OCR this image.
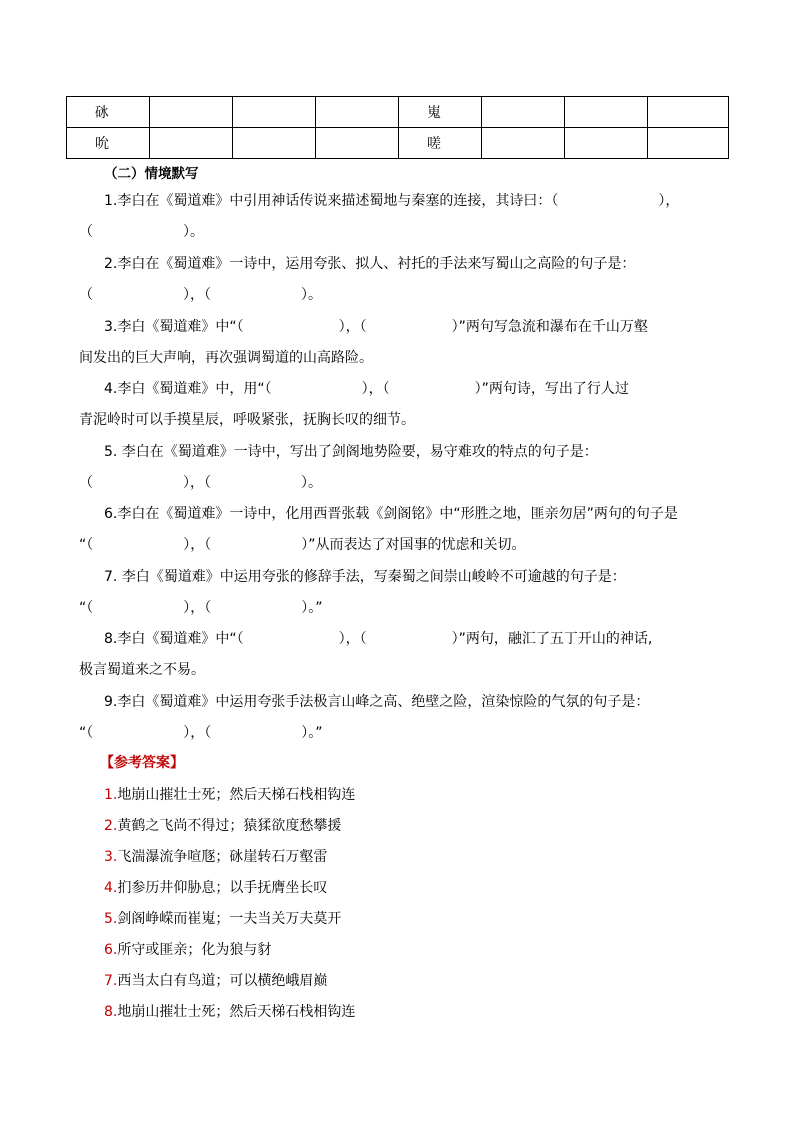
砯				嵬			
吮				嗟			
（二）情境默写
1.李白在《蜀道难》中引用神话传说来描述蜀地与秦塞的连接，其诗曰：（	），
（	）。
2.李白在《蜀道难》一诗中，运用夸张、拟人、衬托的手法来写蜀山之高险的句子是：
（	），（	）。
3.李白《蜀道难》中“（	），（	）”两句写急流和瀑布在千山万壑
间发出的巨大声响，再次强调蜀道的山高路险。
4.李白《蜀道难》中，用“（	），（	）”两句诗，写出了行人过
青泥岭时可以手摸星辰，呼吸紧张，抚胸长叹的细节。
5. 李白在《蜀道难》一诗中，写出了剑阁地势险要，易守难攻的特点的句子是：
（	），（	）。
6.李白在《蜀道难》一诗中，化用西晋张载《剑阁铭》中“形胜之地，匪亲勿居”两句的句子是
“（	），（	）”从而表达了对国事的忧虑和关切。
7. 李白《蜀道难》中运用夸张的修辞手法，写秦蜀之间崇山峻岭不可逾越的句子是：
“（	），（	）。”
8.李白《蜀道难》中“（	），（	）”两句，融汇了五丁开山的神话,
极言蜀道来之不易。
9.李白《蜀道难》中运用夸张手法极言山峰之高、绝壁之险，渲染惊险的气氛的句子是：
“（	），（	）。”
【参考答案】
1.地崩山摧壮士死；然后天梯石栈相钩连
2.黄鹤之飞尚不得过；猿猱欲度愁攀援
3.飞湍瀑流争喧豗；砯崖转石万壑雷
4.扪参历井仰胁息；以手抚膺坐长叹
5.剑阁峥嵘而崔嵬；一夫当关万夫莫开
6.所守或匪亲；化为狼与豺
7.西当太白有鸟道；可以横绝峨眉巅
8.地崩山摧壮士死；然后天梯石栈相钩连
